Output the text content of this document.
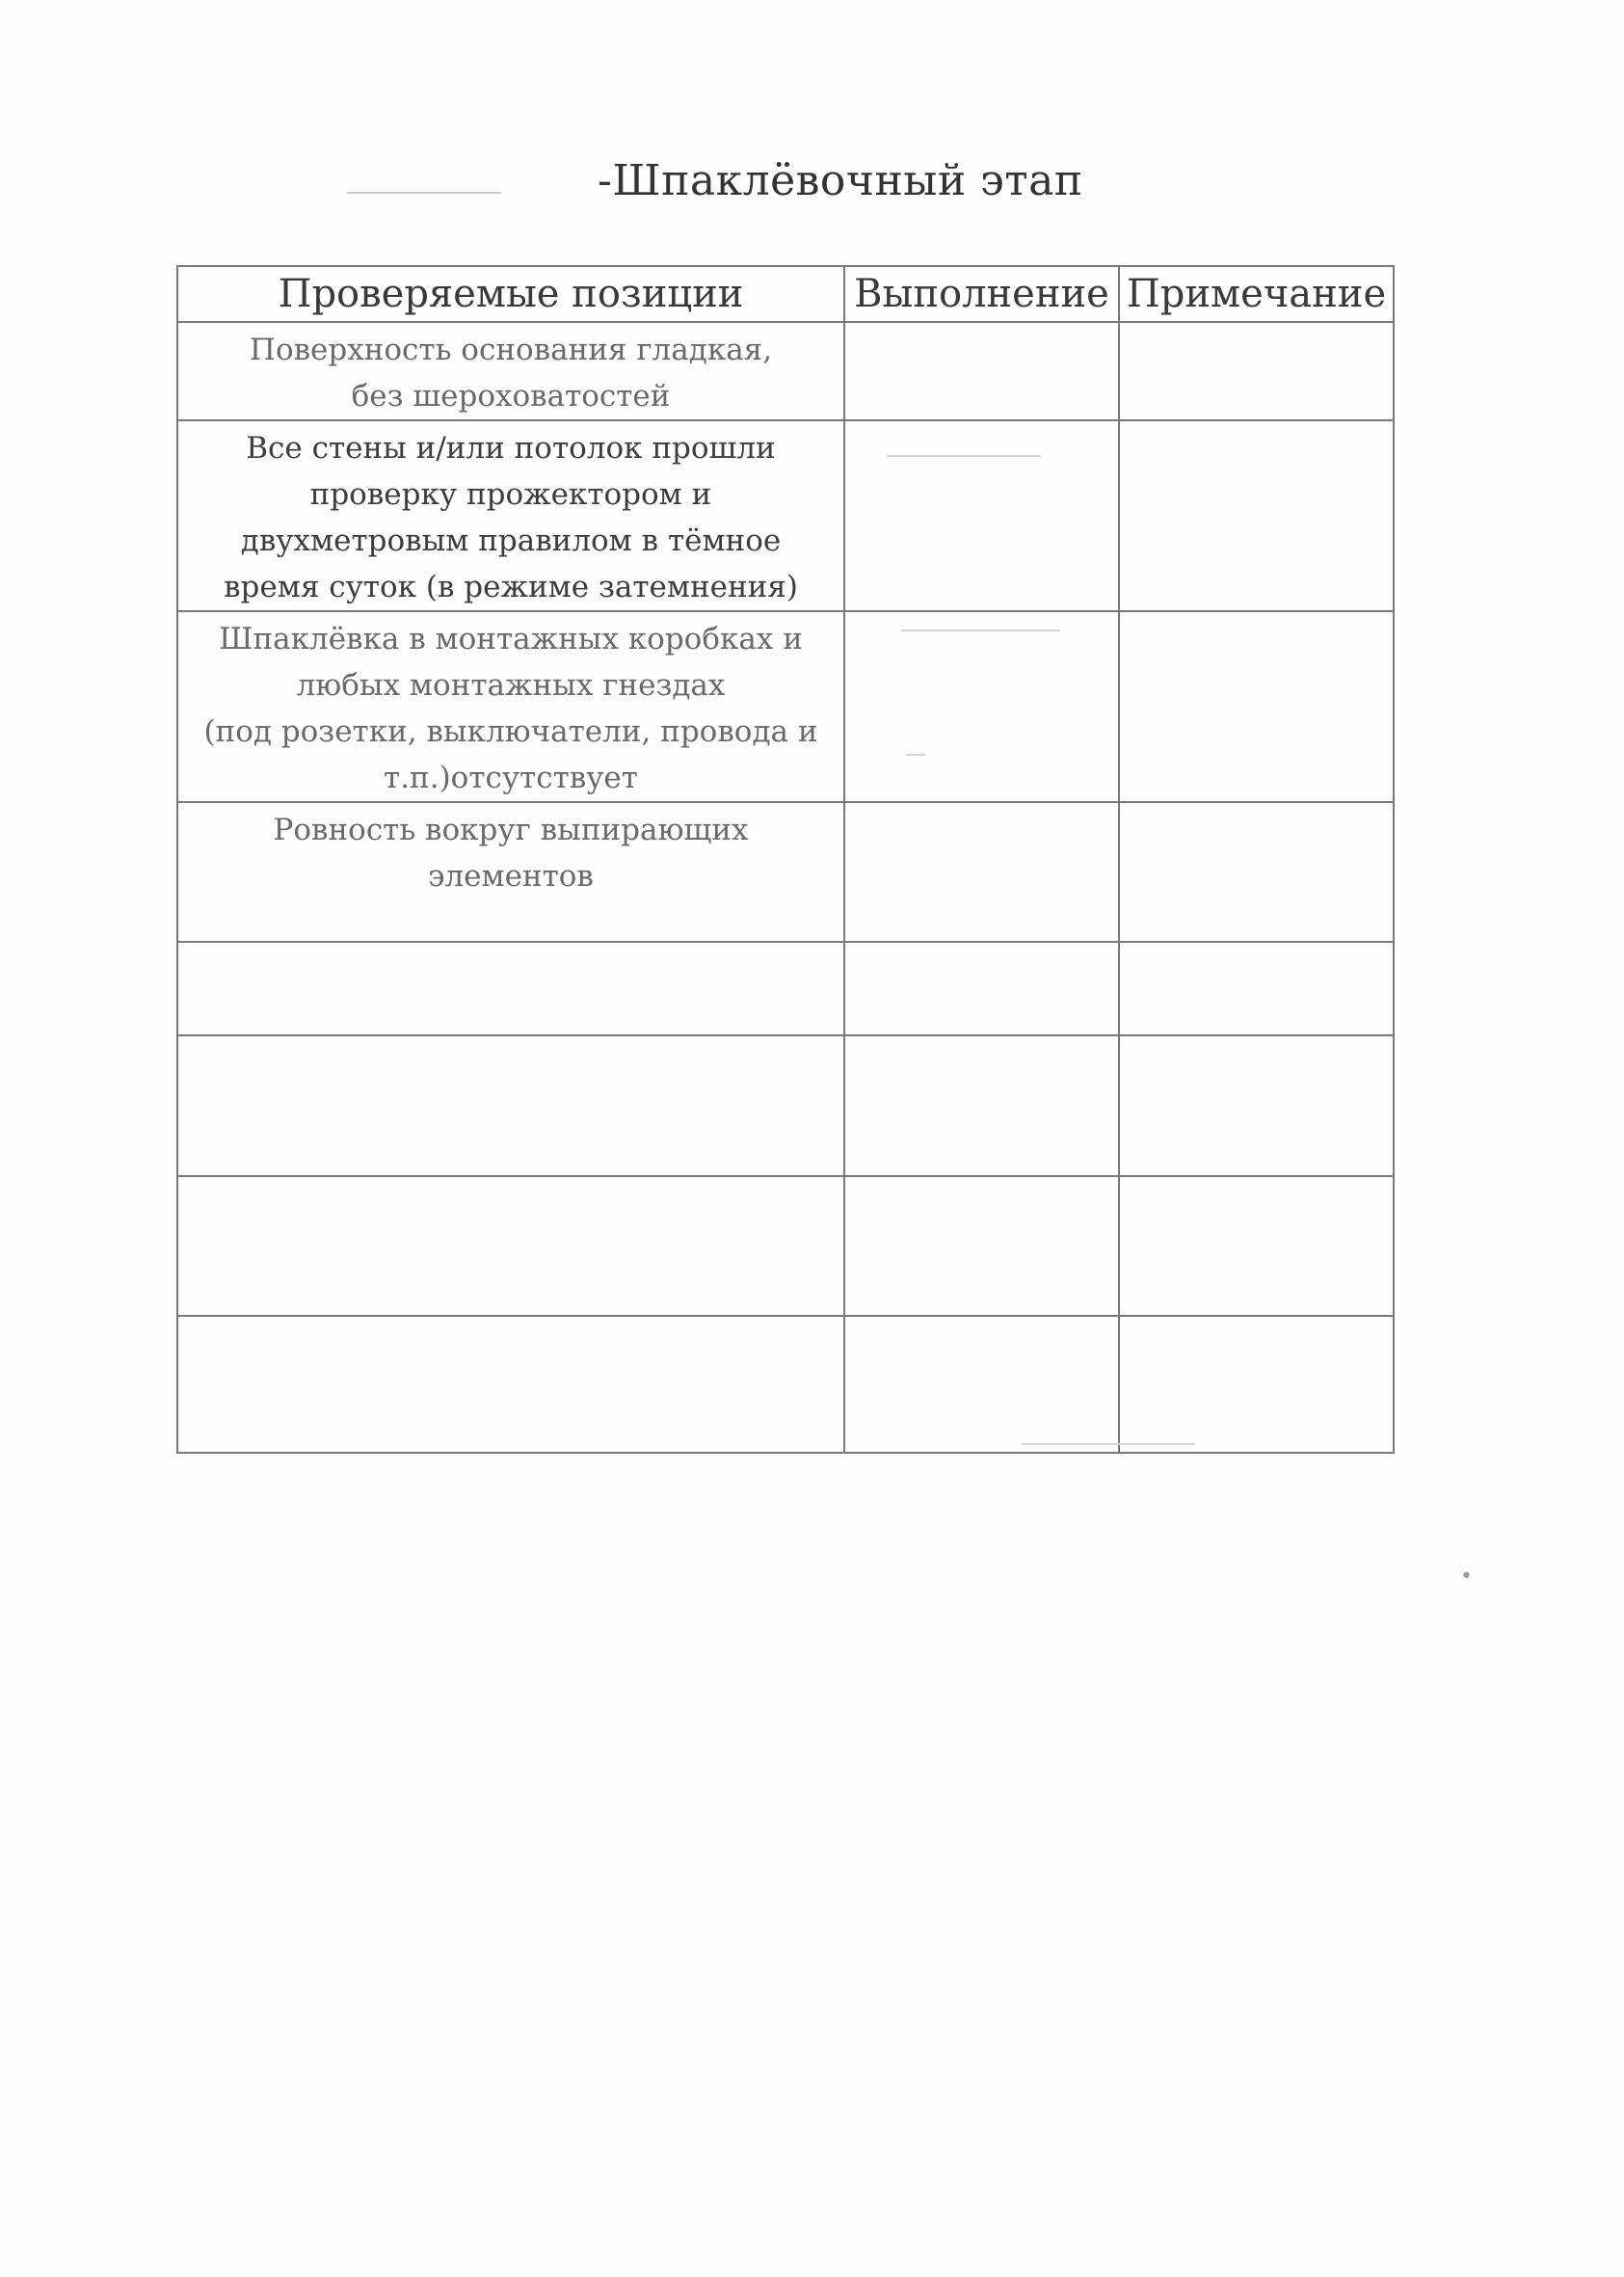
-Шпаклёвочный этап
Проверяемые позиции	Выполнение	Примечание

Поверхность основания гладкая,
без шероховатостей		

Все стены и/или потолок прошли
проверку прожектором и
двухметровым правилом в тёмное
время суток (в режиме затемнения)		

Шпаклёвка в монтажных коробках и
любых монтажных гнездах
(под розетки, выключатели, провода и
т.п.)отсутствует		

Ровность вокруг выпирающих
элементов		

•
